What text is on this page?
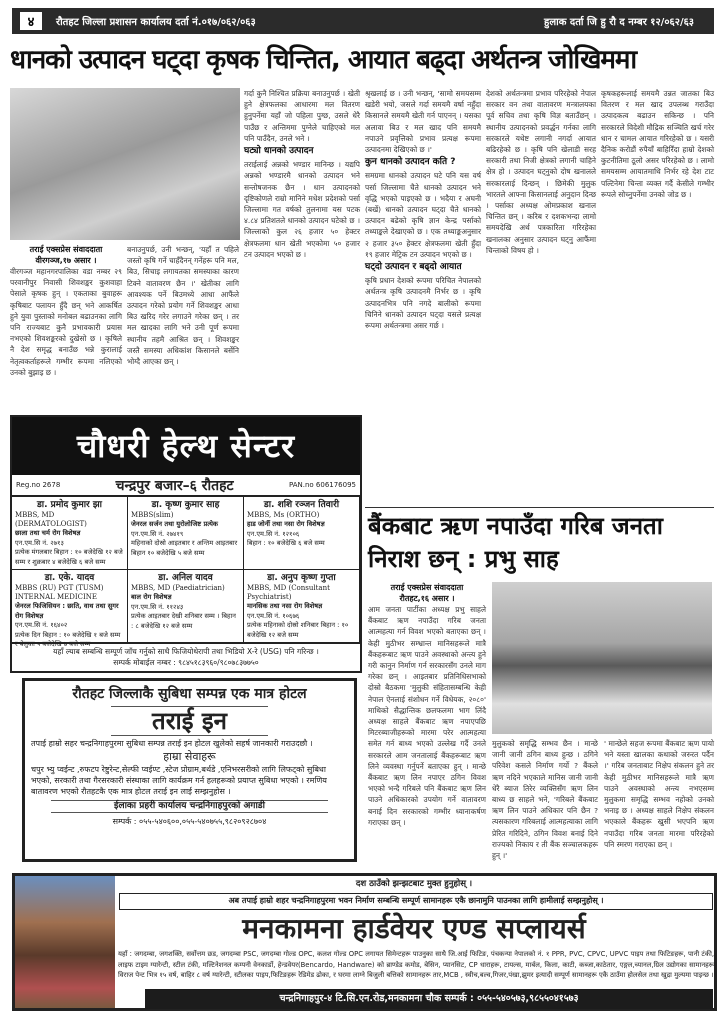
४	रौतहट जिल्ला प्रशासन कार्यालय दर्ता नं.०१७/०६२/०६३	हुलाक दर्ता जि हु रौ द नम्बर १२/०६२/६३
धानको उत्पादन घट्दा कृषक चिन्तित, आयात बढ्दा अर्थतन्त्र जोखिममा
तराई एक्सप्रेस संवाददाता
वीरगञ्ज,१७ असार ।

वीरगञ्ज महानगरपालिका वडा नम्बर २९ परवानीपुर निवासी शिवशङ्कर कुशवाहा पेसाले कृषक हुन् । एकताका बुवाहरू कृषिबाट पलायन हुँदै छन् भने आकर्षित हुने युवा पुस्ताको मनोबल बढाउनका लागि पनि राज्यबाट कुनै प्रभावकारी प्रयास नभएको शिवशङ्करको दुखेसो छ । कृषिले नै देश समृद्ध बनाउँछ भन्ने कुरालाई नेतृत्वकर्ताहरूले गम्भीर रूपमा नलिएको उनको बुझाइ छ ।

बनाउनुपर्छ, उनी भन्छन्, 'यहाँ त पहिले जस्तो कृषि गर्ने चाहँदैनन् गर्नेहरू पनि मल, बिउ, सिचाइ लगायतका समस्याका कारण टिक्ने वातावरण छैन ।' खेतीका लागि आवश्यक पर्ने बिउमध्ये आधा आफैंले उत्पादन गरेको प्रयोग गर्ने शिवशङ्कर आधा बिउ खरिद गरेर लगाउने गरेका छन् । तर मल खादका लागि भने उनी पूर्ण रूपमा स्थानीय तहमै आश्रित छन् । शिवशङ्कर जस्तै समस्या अधिकांश किसानले बर्सेनि भोग्दै आएका छन् ।

गर्दा कुनै निश्चित प्रक्रिया बनाउनुपर्छ । खेती हुने क्षेत्रफलका आधारमा मल वितरण हुनुपर्नेमा यहाँ जो पहिला पुग्छ, उसले धेरै पाउँछ र अन्तिममा पुग्नेले चाहिएको मल पनि पाउँदैन, उनले भने ।

घट्यो धानको उत्पादन

तराईलाई अन्नको भण्डार मानिन्छ । यद्यपि अन्नको भण्डारमै धानको उत्पादन भने सन्तोषजनक छैन । धान उत्पादनको दृष्टिकोणले राम्रो मानिने मधेश प्रदेशको पर्सा जिल्लामा गत वर्षको तुलनामा यस पटक ४.८४ प्रतिशतले धानको उत्पादन घटेको छ । जिल्लाको कुल २६ हजार ५० हेक्टर क्षेत्रफलमा धान खेती भएकोमा ५० हजार टन उत्पादन भएको छ ।

श्रृखलाई छ । उनी भन्छन्, 'सामो समयसम्म खडेरी भयो, जसले गर्दा समयमै वर्षा नहुँदा किसानले समयमै खेती गर्न पाएनन् । यसका अलावा बिउ र मल खाद पनि समयमै नपाउने प्रवृत्तिको प्रभाव प्रत्यक्ष रूपमा उत्पादनमा देखिएको छ ।'

कुन धानको उत्पादन कति ?

समग्रमा धानको उत्पादन घटे पनि यस वर्ष पर्सा जिल्लामा चैते धानको उत्पादन भने वृद्धि भएको पाइएको छ । भदैया र अघनी (बर्खे) धानको उत्पादन घट्दा चैते धानको उत्पादन बढेको कृषि ज्ञान केन्द्र पर्साको तथ्याङ्कले देखाएको छ । एक तथ्याङ्कअनुसार २ हजार ३५० हेक्टर क्षेत्रफलमा खेती हुँदा १९ हजार मेट्रिक टन उत्पादन भएको छ ।

घट्दो उत्पादन र बढ्दो आयात

कृषि प्रधान देशको रूपमा परिचित नेपालको अर्थतन्त्र कृषि उत्पादनमै निर्भर छ । कृषि उत्पादनभित्र पनि नगदे बालीको रूपमा चिनिने धानको उत्पादन घट्दा यसले प्रत्यक्ष रूपमा अर्थतन्त्रमा असर गर्छ ।

देशको अर्थतन्त्रमा प्रभाव परिरहेको नेपाल सरकार वन तथा वातावरण मन्त्रालयका पूर्व सचिव तथा कृषि विज्ञ बताउँछन् । स्थानीय उत्पादनको प्रवर्द्धन गर्नका लागि सरकारले यथेष्ट लगानी नगर्दा आयात बढिरहेको छ । कृषि पनि खेलाडी सरह सरकारी तथा निजी क्षेत्रको लगानी चाहिने क्षेत्र हो । उत्पादन घट्नुको दोष खनालले सरकारलाई दिन्छन् । छिमेकी मुलुक भारतले आफ्ना किसानलाई अनुदान दिन्छ । पर्साका अध्यक्ष ओमप्रकाश खनाल चिन्तित छन् । करिब र दशकभन्दा लामो समयदेखि अर्थ पत्रकारिता गरिरहेका खनालका अनुसार उत्पादन घट्नु आफैंमा चिन्ताको विषय हो ।

कृषकहरूलाई समयमै उन्नत जातका बिउ वितरण र मल खाद उपलब्ध गराउँदा उत्पादकत्व बढाउन सकिन्छ । पनि सरकारले विदेशी मौद्रिक सञ्चिति खर्च गरेर धान र चामल आयात गरिरहेको छ । यसरी दैनिक करोडौं रुपैयाँ बाहिरिँदा हाम्रो देशको कुटनीतिमा ठूलो असर परिरहेको छ । लामो समयसम्म आयातमाथि निर्भर रहे देश टाट पल्टिनेमा चिन्ता व्यक्त गर्दै केसीले गम्भीर रूपले सोच्नुपर्नेमा उनको जोड छ ।

चौधरी हेल्थ सेन्टर
Reg.no 2678	चन्द्रपुर बजार–६ रौतहट	PAN.no 606176095
डा. प्रमोद कुमार झा
MBBS, MD (DERMATOLOGIST)
छाला तथा चर्म रोग विशेषज्ञ
एन.एम.सि नं. २७१३
प्रत्येक मंगलबार बिहान : १० बजेदेखि १२ बजे सम्म र शुक्रबार ४ बजेदेखि ६ बजे सम्म
डा. कृष्ण कुमार साह
MBBS(slim)
जेनरल सर्जन तथा युरोलोजिष्ट प्रत्येक
एन.एम.सि नं. २७४१९
महिनाको दोस्रो आइतबार र अन्तिम आइतबार बिहान १० बजेदेखि ५ बजे सम्म
डा. शशि रञ्जन तिवारी
MBBS, Ms (ORTHO)
हाड जोर्नी तथा नसा रोग विशेषज्ञ
एन.एम.सि नं. १२१०६
बिहान : १० बजेदेखि ६ बजे सम्म
डा. एके. यादव
MBBS (RU) PGT (TUSM) INTERNAL MEDICINE
जेनरल फिजिसियन : छाति, वाथ तथा सुगर रोग विशेषज्ञ
एन.एम.सि नं. १६४०२
प्रत्येक दिन बिहान : १० बजेदेखि १ बजे सम्म र बेलुका ५ बजेदेखि ७ बजे सम्म
डा. अनिल यादव
MBBS, MD (Paediatrician)
बाल रोग विशेषज्ञ
एन.एम.सि नं. ११२४३
प्रत्येक आइतबार देखी शनिबार सम्म । बिहान : ८ बजेदेखि १२ बजे सम्म
डा. अनुप कृष्ण गुप्ता
MBBS, MD (Consultant Psychiatrist)
मानसिक तथा नसा रोग विशेषज्ञ
एन.एम.सि नं. १०६७६
प्रत्येक महिनाको दोस्रो शनिबार बिहान : १० बजेदेखि १२ बजे सम्म
यहाँ ल्याब सम्बन्धि सम्पूर्ण जाँच गर्नुको साथै फिजियोथेरापी तथा भिडियो X-रे (USG) पनि गरिन्छ ।
सम्पर्क मोबाईल नम्बर : ९८४५१८३९६०/९८०७८३७७५०
रौतहट जिल्लाकै सुबिधा सम्पन्न एक मात्र होटल
तराई इन
तपाई हाम्रो सहर चन्द्रनिगाहपुरमा सुबिधा सम्पन्न तराई इन होटल खुलेको सहर्ष जानकारी गराउदछौ ।
हाम्रा सेवाहरू
चपुर भ्यु प्वईन्ट ,रुफटप रेष्टुरेन्ट,सेल्फी प्वईण्ट ,स्टेज प्रोग्राम,बर्थडे ,एनिभरसरीको लागि लिफट्को सुबिधा भएको, सरकारी तथा गैरसरकारी संस्थाका लागि कार्यक्रम गर्न हलहरूको प्रयाप्त सुबिधा भएको । रमणिय बातावरण भएको रौतहटकै एक मात्र होटल तराई इन लाई सम्झनुहोस ।
ईलाका प्रहरी कार्यालय चन्द्रनिगाहपुरको अगाडी
सम्पर्क : ०५५-५४०६००,०५५-५४०७५५,९८२०९२८७०४
बैंकबाट ऋण नपाउँदा गरिब जनता निराश छन् : प्रभु साह
तराई एक्सप्रेस संवाददाता
रौतहट,१६ असार ।

आम जनता पार्टीका अध्यक्ष प्रभु साहले बैंकबाट ऋण नपाउँदा गरिब जनता आत्महत्या गर्न विवश भएको बताएका छन् । केही मुठीभर सम्भ्रान्त मानिसहरूले मात्रै बैंकहरूबाट ऋण पाउने अवस्थाको अन्त्य हुने गरी कानुन निर्माण गर्न सरकारसँग उनले माग गरेका छन् । आइतबार प्रतिनिधिसभाको दोस्रो बैठकमा 'मुलुकी संहितासम्बन्धि केही नेपाल ऐनलाई संशोधन गर्ने विधेयक, २०८०' माथिको सैद्धान्तिक छलफलमा भाग लिंदै अध्यक्ष साहले बैंकबाट ऋण नपाएपछि मिटरब्याजीहरूको मारमा परेर आत्महत्या समेत गर्न बाध्य भएको उल्लेख गर्दै उनले सरकारले आम जनतालाई बैंकहरूबाट ऋण लिने व्यवस्था गर्नुपर्ने बताएका हुन् । मान्छे बैंकबाट ऋण लिन नपाएर ठगिन विवश भएको भन्दै गरिबले पनि बैंकबाट ऋण लिन पाउने अधिकारको उपयोग गर्ने वातावरण बनाई दिन सरकारको गम्भीर ध्यानाकर्षण गराएका छन् ।

मुलुकको समृद्धि सम्भव छैन । मान्छे जानी जानी ठगिन बाध्य हुन्छ । ठगिने परिवेश कसले निर्माण गर्यो ? बैंकले ऋण नदिने भएकाले मानिस जानी जानी धेरै ब्याज तिरेर व्यक्तिसँग ऋण लिन बाध्य छ साहले भने, 'गरिबले बैंकबाट ऋण लिन पाउने अधिकार पनि छैन ? त्यसकारण गरिबलाई आत्महत्याका लागि प्रेरित गरिदिने, ठगिन विवश बनाई दिने राज्यको निकाय र ती बैंक सञ्चालकहरू हुन् ।'

' मान्छेले सहज रूपमा बैंकबाट ऋण पायो भने यस्ता खालका कथाको जरुरत पर्दैन ।' गरिब जनताबाट निक्षेप संकलन हुने तर केही मुठीभर मानिसहरूले मात्रै ऋण पाउने अवस्थाको अन्त्य नभएसम्म मुलुकमा समृद्धि सम्भव नहोको उनको भनाइ छ । अध्यक्ष साहले निक्षेप संकलन भएकाले बैंकहरू खुसी भएपनि ऋण नपाउँदा गरिब जनता मारमा परिरहेको पनि स्मरण गराएका छन् ।

दश ठाउँको झन्झटबाट मुक्त हुनुहोस् ।
अब तपाई हाम्रो शहर चन्द्रनिगाहपुरमा भवन निर्माण सम्बन्धि सम्पूर्ण सामानहरू एकै छानामुनि पाउनका लागि हामीलाई सम्झनुहोस् ।
मनकामना हार्डवेयर एण्ड सप्लायर्स
यहाँ : जगदम्बा, जगशक्ति, सर्वोत्तम छड, जगदम्बा PSC, जगदम्बा गोल्ड OPC, कलश गोल्ड OPC लगायत सिमेन्टहरू पाउनुका साथै जि.आई फिटिङ, पंचकन्या नेपालको नं. १ PPR, PVC, CPVC, UPVC पाइप तथा फिटिङहरू, पानी टंकी, लाइफ टाइम ग्यारेन्टी, स्टील टंकी, मल्टिनेशनल कम्पनी वेनकार्डो, हेन्डवेयर(Bencardo, Handware) को ब्राण्डेड कमोड, बेसिन, प्यानसिट, CP धाराहरू, टायल्स, मार्बल, किला, काटी, कब्जा,काठेतार, एङ्गल,च्यानल,ग्रिल उद्योगका सामानहरू विराज पेन्ट भित्र १५ वर्ष, बाहिर ८ वर्ष ग्यारेन्टी, स्टीलका पाइप,फिटिङहरू रेडिमेड ढोका, र घरमा लाग्ने बिजुली बत्तिको सामानहरू तार,MCB , स्वीच,बल्व,गिजर,पंखा,झुमर इत्यादी सम्पूर्ण सामानहरू एकै ठाउँमा होलसेल तथा खुद्रा मुल्यमा पाइन्छ ।
चन्द्रनिगाहपुर-४ टि.सि.एन.रोड,मनकामना चौक सम्पर्क : ०५५-५४०५७३,९८५५०४१५७३
